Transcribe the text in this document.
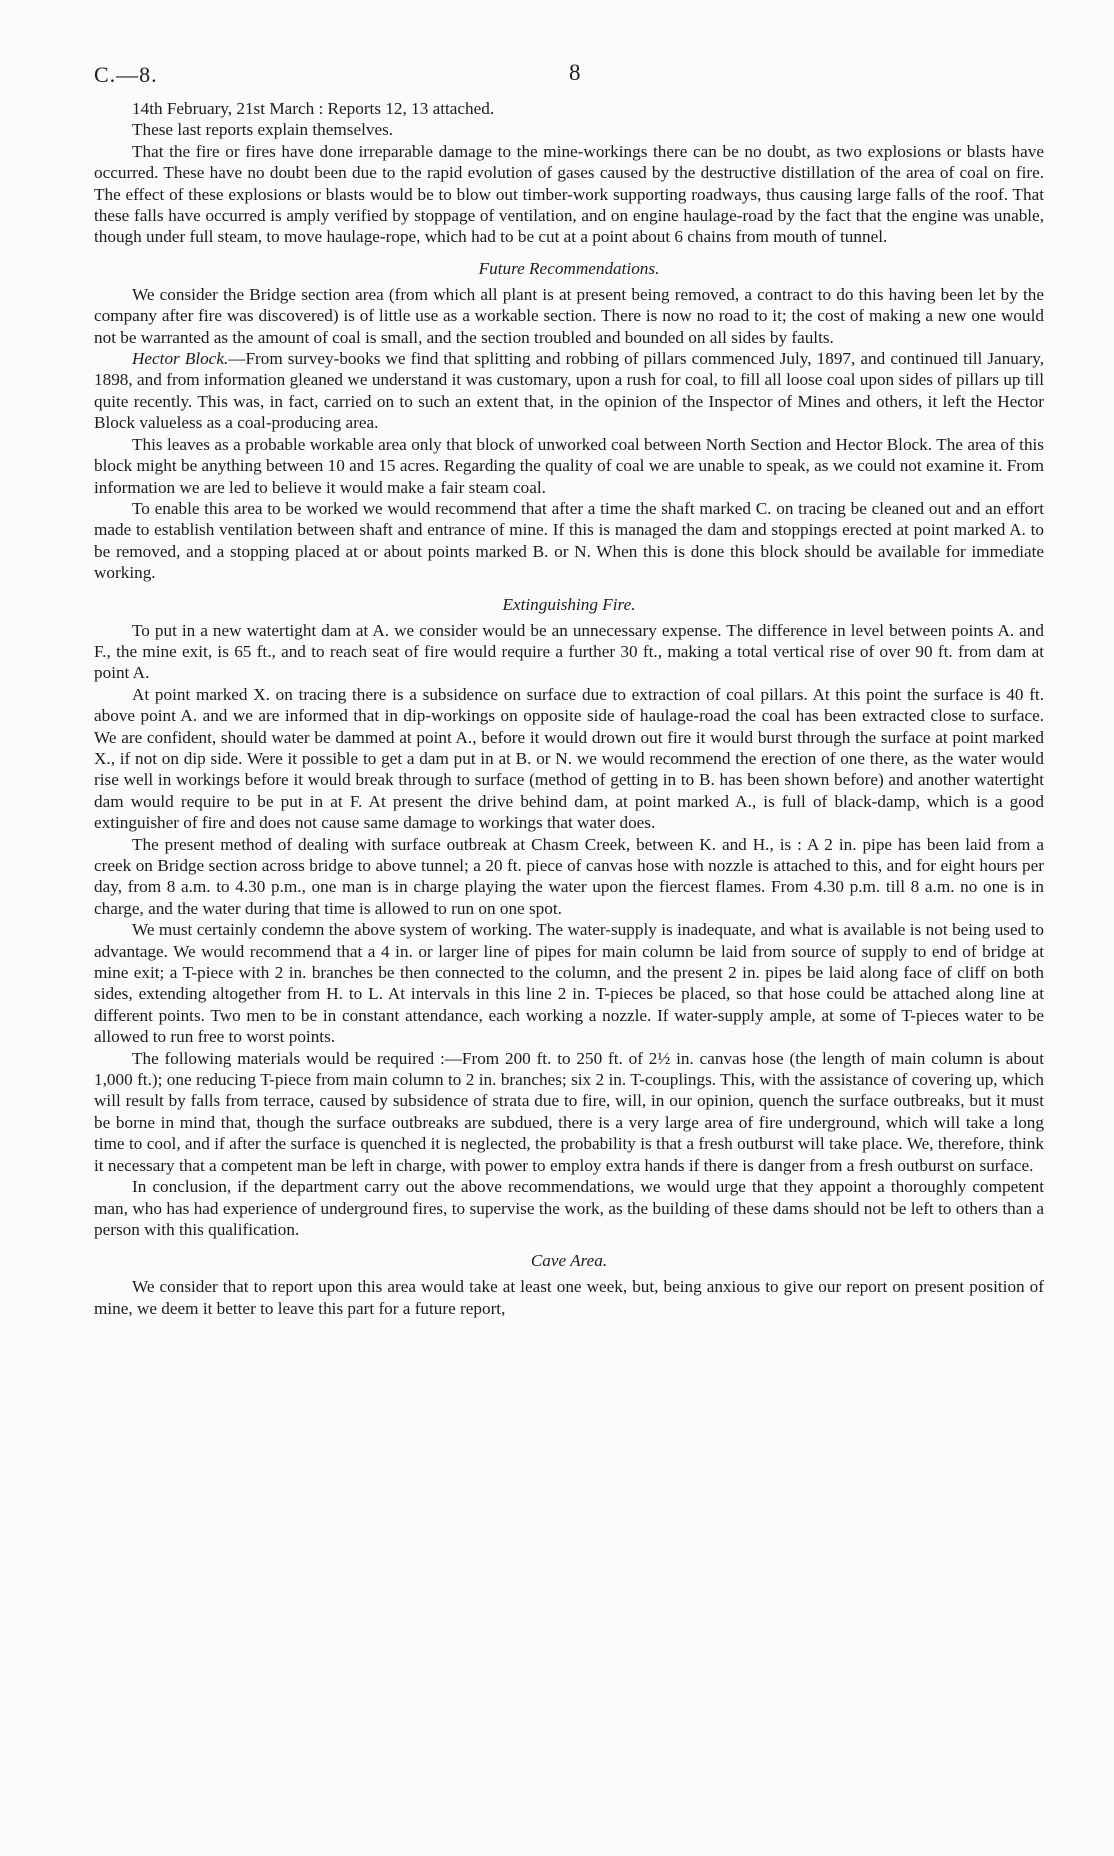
C.—8.	8

14th February, 21st March : Reports 12, 13 attached.

These last reports explain themselves.

That the fire or fires have done irreparable damage to the mine-workings there can be no doubt, as two explosions or blasts have occurred. These have no doubt been due to the rapid evolution of gases caused by the destructive distillation of the area of coal on fire. The effect of these explosions or blasts would be to blow out timber-work supporting roadways, thus causing large falls of the roof. That these falls have occurred is amply verified by stoppage of ventilation, and on engine haulage-road by the fact that the engine was unable, though under full steam, to move haulage-rope, which had to be cut at a point about 6 chains from mouth of tunnel.

Future Recommendations.

We consider the Bridge section area (from which all plant is at present being removed, a contract to do this having been let by the company after fire was discovered) is of little use as a workable section. There is now no road to it; the cost of making a new one would not be warranted as the amount of coal is small, and the section troubled and bounded on all sides by faults.

Hector Block.—From survey-books we find that splitting and robbing of pillars commenced July, 1897, and continued till January, 1898, and from information gleaned we understand it was customary, upon a rush for coal, to fill all loose coal upon sides of pillars up till quite recently. This was, in fact, carried on to such an extent that, in the opinion of the Inspector of Mines and others, it left the Hector Block valueless as a coal-producing area.

This leaves as a probable workable area only that block of unworked coal between North Section and Hector Block. The area of this block might be anything between 10 and 15 acres. Regarding the quality of coal we are unable to speak, as we could not examine it. From information we are led to believe it would make a fair steam coal.

To enable this area to be worked we would recommend that after a time the shaft marked C. on tracing be cleaned out and an effort made to establish ventilation between shaft and entrance of mine. If this is managed the dam and stoppings erected at point marked A. to be removed, and a stopping placed at or about points marked B. or N. When this is done this block should be available for immediate working.

Extinguishing Fire.

To put in a new watertight dam at A. we consider would be an unnecessary expense. The difference in level between points A. and F., the mine exit, is 65 ft., and to reach seat of fire would require a further 30 ft., making a total vertical rise of over 90 ft. from dam at point A.

At point marked X. on tracing there is a subsidence on surface due to extraction of coal pillars. At this point the surface is 40 ft. above point A. and we are informed that in dip-workings on opposite side of haulage-road the coal has been extracted close to surface. We are confident, should water be dammed at point A., before it would drown out fire it would burst through the surface at point marked X., if not on dip side. Were it possible to get a dam put in at B. or N. we would recommend the erection of one there, as the water would rise well in workings before it would break through to surface (method of getting in to B. has been shown before) and another watertight dam would require to be put in at F. At present the drive behind dam, at point marked A., is full of black-damp, which is a good extinguisher of fire and does not cause same damage to workings that water does.

The present method of dealing with surface outbreak at Chasm Creek, between K. and H., is : A 2 in. pipe has been laid from a creek on Bridge section across bridge to above tunnel; a 20 ft. piece of canvas hose with nozzle is attached to this, and for eight hours per day, from 8 a.m. to 4.30 p.m., one man is in charge playing the water upon the fiercest flames. From 4.30 p.m. till 8 a.m. no one is in charge, and the water during that time is allowed to run on one spot.

We must certainly condemn the above system of working. The water-supply is inadequate, and what is available is not being used to advantage. We would recommend that a 4 in. or larger line of pipes for main column be laid from source of supply to end of bridge at mine exit; a T-piece with 2 in. branches be then connected to the column, and the present 2 in. pipes be laid along face of cliff on both sides, extending altogether from H. to L. At intervals in this line 2 in. T-pieces be placed, so that hose could be attached along line at different points. Two men to be in constant attendance, each working a nozzle. If water-supply ample, at some of T-pieces water to be allowed to run free to worst points.

The following materials would be required :—From 200 ft. to 250 ft. of 2½ in. canvas hose (the length of main column is about 1,000 ft.); one reducing T-piece from main column to 2 in. branches; six 2 in. T-couplings. This, with the assistance of covering up, which will result by falls from terrace, caused by subsidence of strata due to fire, will, in our opinion, quench the surface outbreaks, but it must be borne in mind that, though the surface outbreaks are subdued, there is a very large area of fire underground, which will take a long time to cool, and if after the surface is quenched it is neglected, the probability is that a fresh outburst will take place. We, therefore, think it necessary that a competent man be left in charge, with power to employ extra hands if there is danger from a fresh outburst on surface.

In conclusion, if the department carry out the above recommendations, we would urge that they appoint a thoroughly competent man, who has had experience of underground fires, to supervise the work, as the building of these dams should not be left to others than a person with this qualification.

Cave Area.

We consider that to report upon this area would take at least one week, but, being anxious to give our report on present position of mine, we deem it better to leave this part for a future report,
